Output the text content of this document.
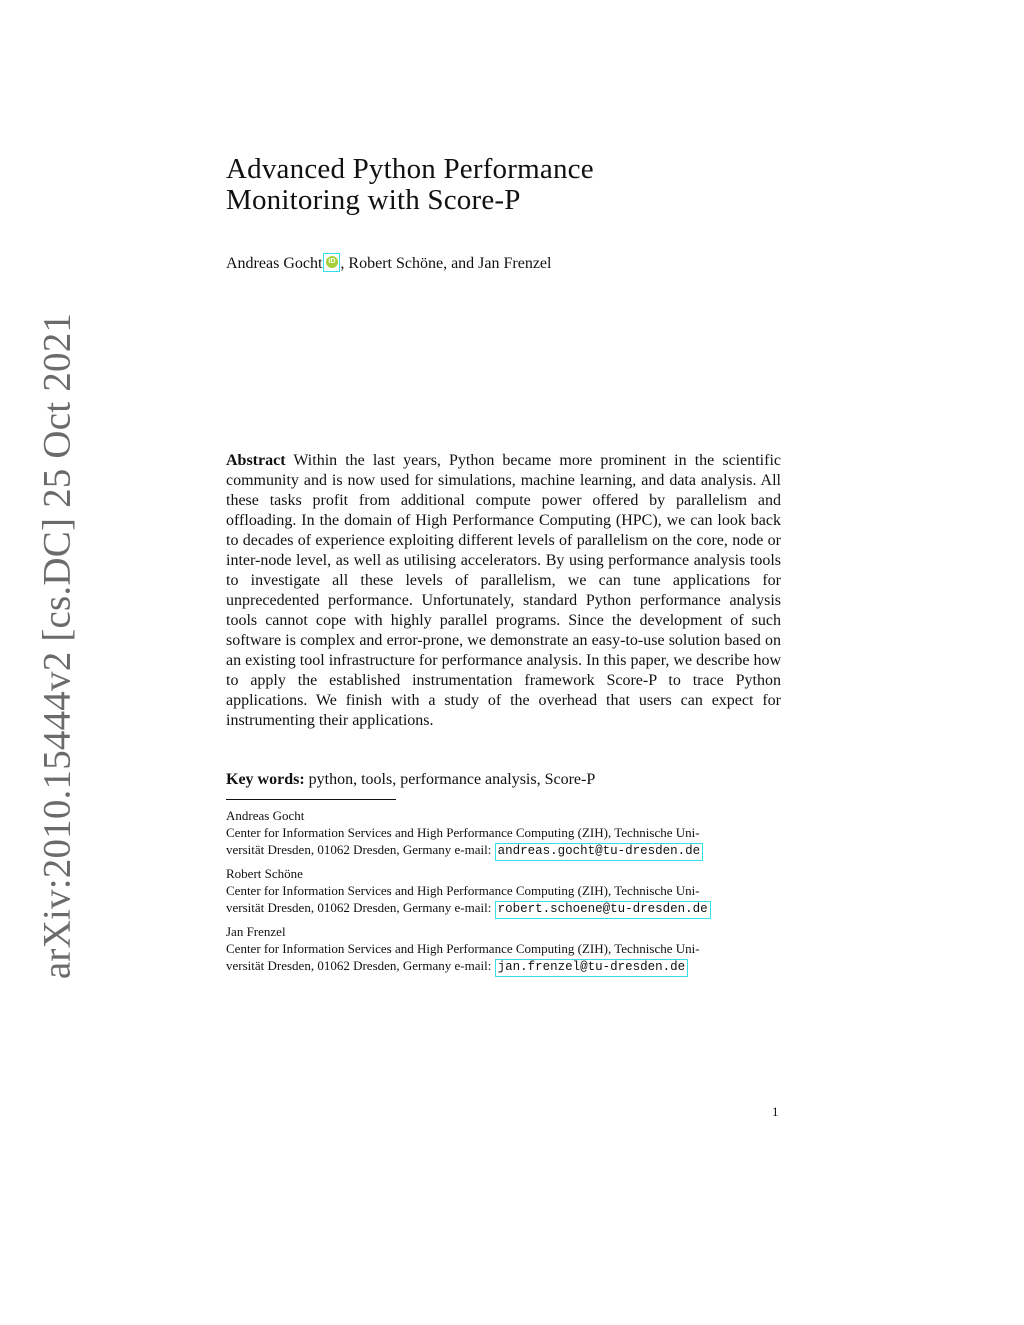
arXiv:2010.15444v2 [cs.DC] 25 Oct 2021
Advanced Python Performance
Monitoring with Score-P
Andreas Gocht iD , Robert Schöne, and Jan Frenzel
Abstract Within the last years, Python became more prominent in the scientific community and is now used for simulations, machine learning, and data analysis. All these tasks profit from additional compute power offered by parallelism and offloading. In the domain of High Performance Computing (HPC), we can look back to decades of experience exploiting different levels of parallelism on the core, node or inter-node level, as well as utilising accelerators. By using performance analysis tools to investigate all these levels of parallelism, we can tune applications for unprecedented performance. Unfortunately, standard Python performance analysis tools cannot cope with highly parallel programs. Since the development of such software is complex and error-prone, we demonstrate an easy-to-use solution based on an existing tool infrastructure for performance analysis. In this paper, we describe how to apply the established instrumentation framework Score-P to trace Python applications. We finish with a study of the overhead that users can expect for instrumenting their applications.
Key words: python, tools, performance analysis, Score-P
Andreas Gocht
Center for Information Services and High Performance Computing (ZIH), Technische Uni-
versität Dresden, 01062 Dresden, Germany e-mail: andreas.gocht@tu-dresden.de
Robert Schöne
Center for Information Services and High Performance Computing (ZIH), Technische Uni-
versität Dresden, 01062 Dresden, Germany e-mail: robert.schoene@tu-dresden.de
Jan Frenzel
Center for Information Services and High Performance Computing (ZIH), Technische Uni-
versität Dresden, 01062 Dresden, Germany e-mail: jan.frenzel@tu-dresden.de
1
